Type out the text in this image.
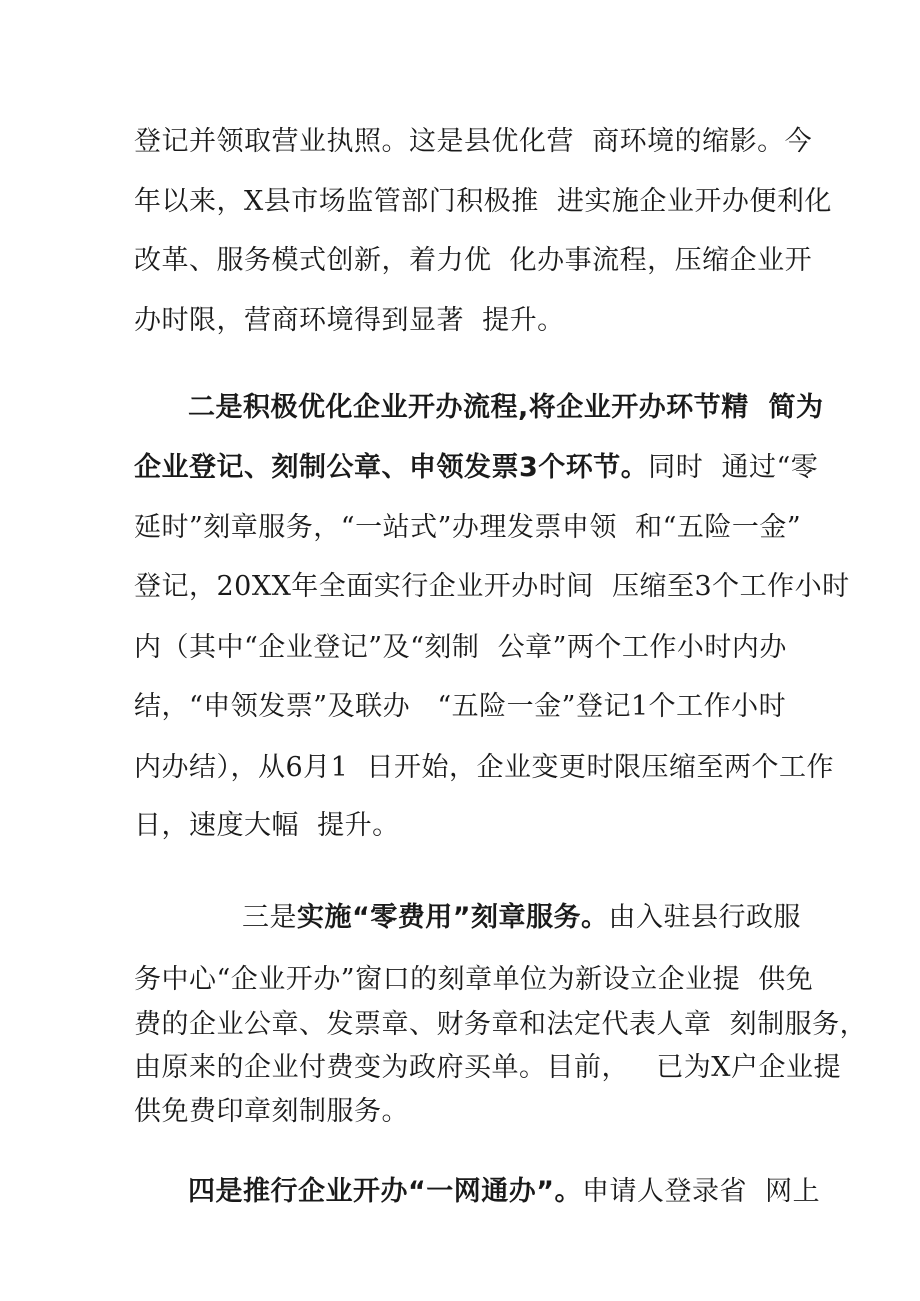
登记并领取营业执照。这是县优化营  商环境的缩影。今
年以来，X县市场监管部门积极推  进实施企业开办便利化
改革、服务模式创新，着力优  化办事流程，压缩企业开
办时限，营商环境得到显著  提升。
二是积极优化企业开办流程,将企业开办环节精  简为
企业登记、刻制公章、申领发票3个环节。同时  通过“零
延时”刻章服务，“一站式”办理发票申领  和“五险一金”
登记，20XX年全面实行企业开办时间  压缩至3个工作小时
内（其中“企业登记”及“刻制  公章”两个工作小时内办
结，“申领发票”及联办   “五险一金”登记1个工作小时
内办结），从6月1  日开始，企业变更时限压缩至两个工作
日，速度大幅  提升。
三是实施“零费用”刻章服务。由入驻县行政服
务中心“企业开办”窗口的刻章单位为新设立企业提  供免
费的企业公章、发票章、财务章和法定代表人章  刻制服务，
由原来的企业付费变为政府买单。目前，   已为X户企业提
供免费印章刻制服务。
四是推行企业开办“一网通办”。申请人登录省  网上
